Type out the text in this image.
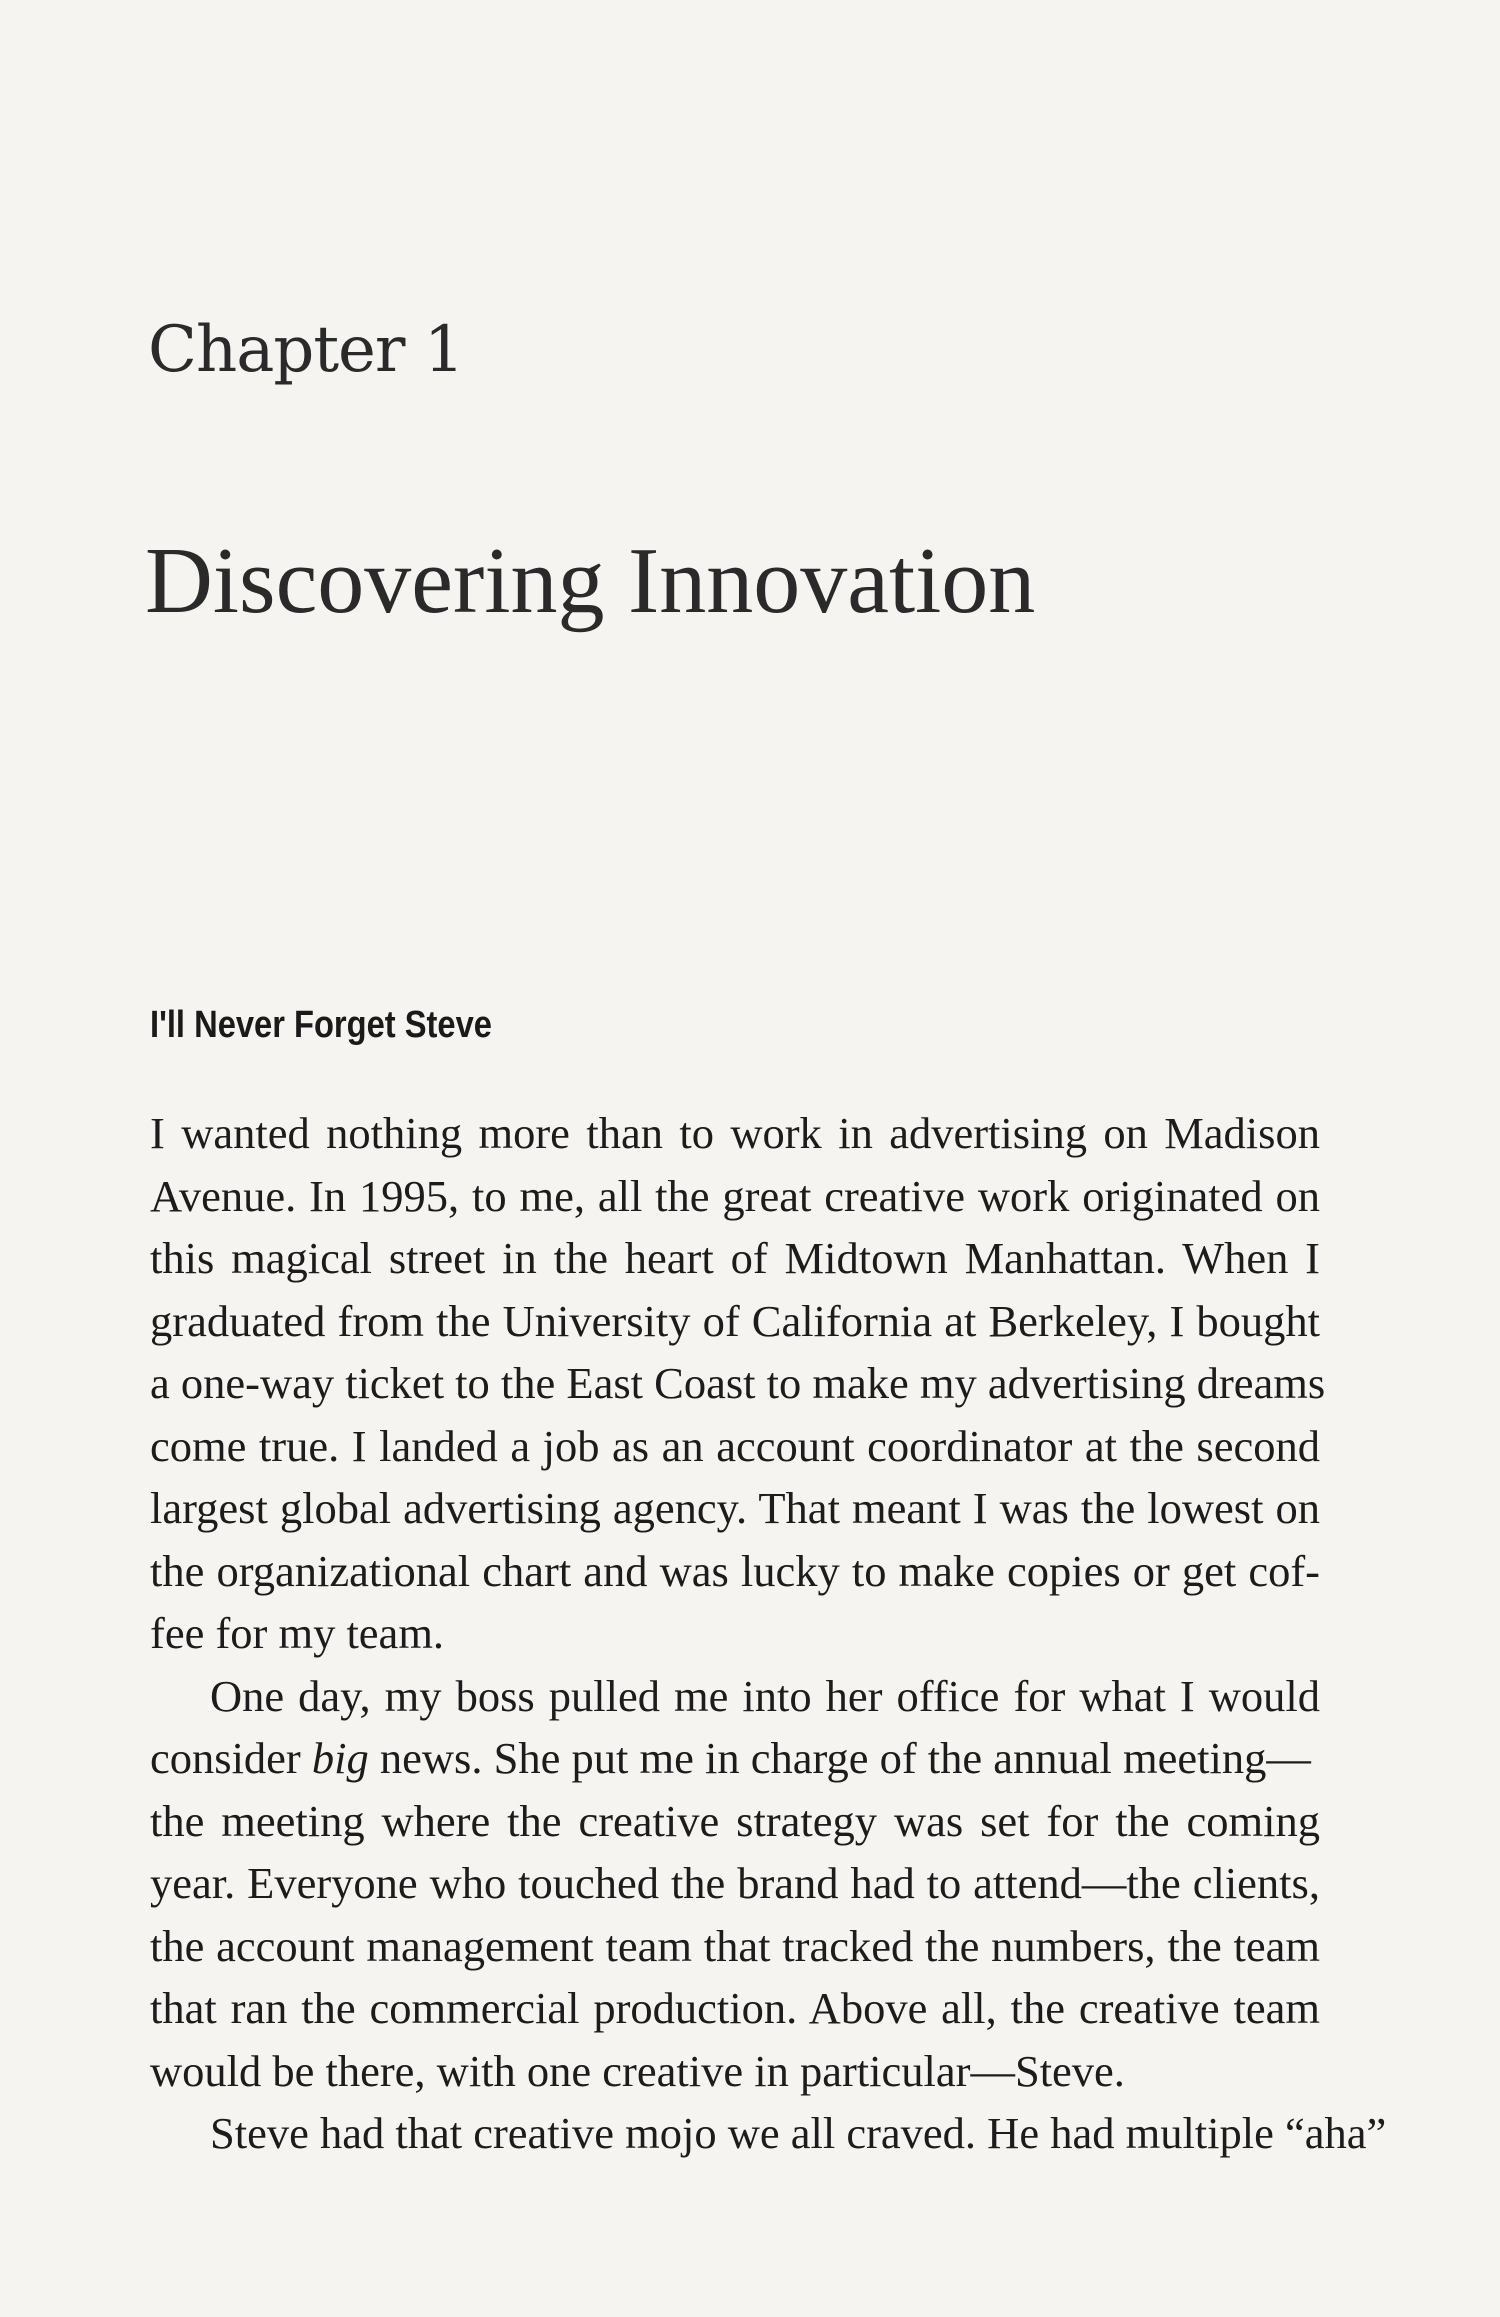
Chapter 1
Discovering Innovation
I'll Never Forget Steve
I wanted nothing more than to work in advertising on Madison
Avenue. In 1995, to me, all the great creative work originated on
this magical street in the heart of Midtown Manhattan. When I
graduated from the University of California at Berkeley, I bought
a one-way ticket to the East Coast to make my advertising dreams
come true. I landed a job as an account coordinator at the second
largest global advertising agency. That meant I was the lowest on
the organizational chart and was lucky to make copies or get cof-
fee for my team.
One day, my boss pulled me into her office for what I would
consider big news. She put me in charge of the annual meeting—
the meeting where the creative strategy was set for the coming
year. Everyone who touched the brand had to attend—the clients,
the account management team that tracked the numbers, the team
that ran the commercial production. Above all, the creative team
would be there, with one creative in particular—Steve.
Steve had that creative mojo we all craved. He had multiple “aha”
